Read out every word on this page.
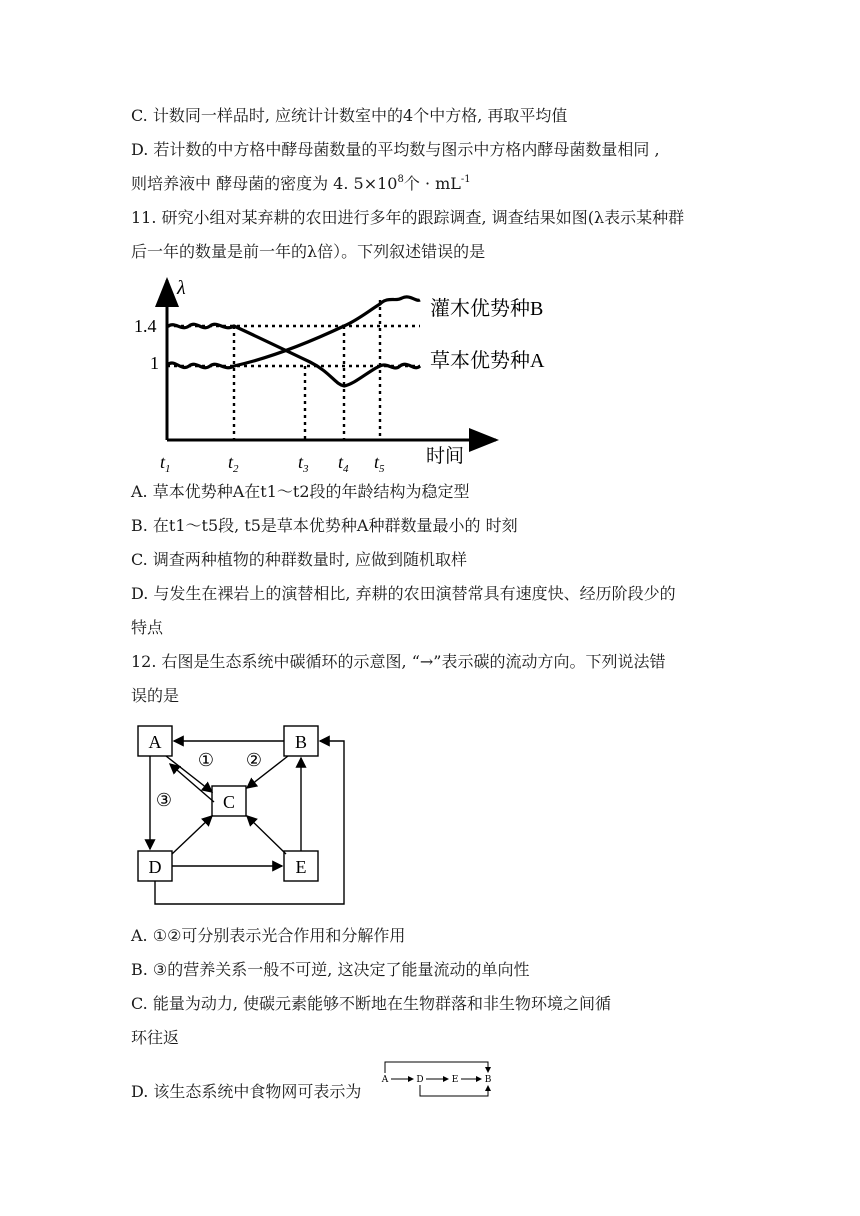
C. 计数同一样品时, 应统计计数室中的4个中方格, 再取平均值
D. 若计数的中方格中酵母菌数量的平均数与图示中方格内酵母菌数量相同 ,
则培养液中 酵母菌的密度为 4. $5\times 10^8$个 · $mL^{-1}$
11. 研究小组对某弃耕的农田进行多年的跟踪调查, 调查结果如图(λ表示某种群
后一年的数量是前一年的λ倍）。下列叙述错误的是
λ
时间
1.4
1
灌木优势种B
草本优势种A
$t_1$	$t_2$	$t_3$ $t_4$ $t_5$
A. 草本优势种A在t1～t2段的年龄结构为稳定型
B. 在t1～t5段, t5是草本优势种A种群数量最小的 时刻
C. 调查两种植物的种群数量时, 应做到随机取样
D. 与发生在裸岩上的演替相比, 弃耕的农田演替常具有速度快、经历阶段少的
特点
12. 右图是生态系统中碳循环的示意图, “→”表示碳的流动方向。下列说法错
误的是
A	B
C
D	E
① ②
③
A. ①②可分别表示光合作用和分解作用
B. ③的营养关系一般不可逆, 这决定了能量流动的单向性
C. 能量为动力, 使碳元素能够不断地在生物群落和非生物环境之间循
环往返
D. 该生态系统中食物网可表示为
A	D	E	B
